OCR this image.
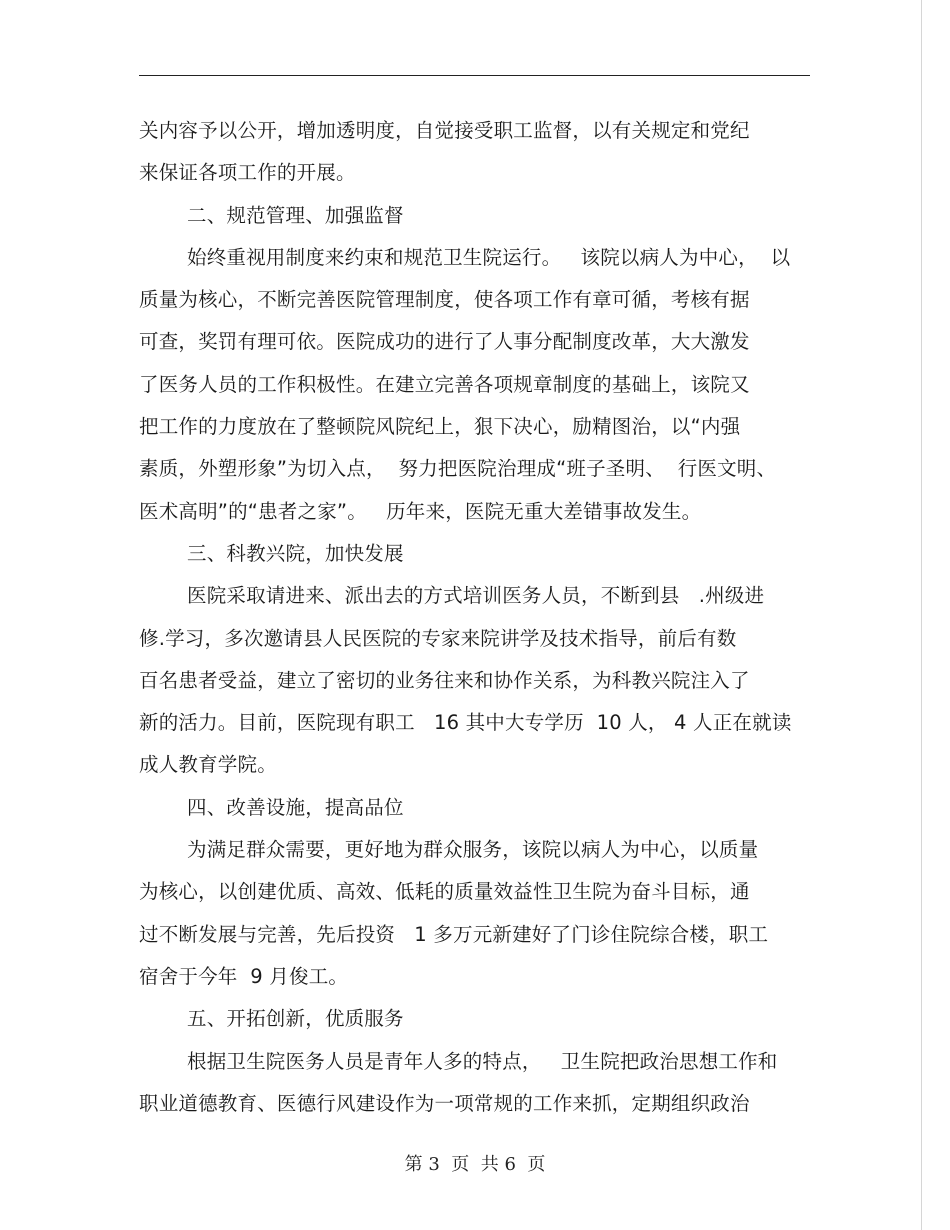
关内容予以公开，增加透明度，自觉接受职工监督，以有关规定和党纪
来保证各项工作的开展。
二、规范管理、加强监督
始终重视用制度来约束和规范卫生院运行。   该院以病人为中心，  以
质量为核心，不断完善医院管理制度，使各项工作有章可循，考核有据
可查，奖罚有理可依。医院成功的进行了人事分配制度改革，大大激发
了医务人员的工作积极性。在建立完善各项规章制度的基础上，该院又
把工作的力度放在了整顿院风院纪上，狠下决心，励精图治，以“内强
素质，外塑形象”为切入点，  努力把医院治理成“班子圣明、  行医文明、
医术高明”的“患者之家”。   历年来，医院无重大差错事故发生。
三、科教兴院，加快发展
医院采取请进来、派出去的方式培训医务人员，不断到县   .州级进
修.学习，多次邀请县人民医院的专家来院讲学及技术指导，前后有数
百名患者受益，建立了密切的业务往来和协作关系，为科教兴院注入了
新的活力。目前，医院现有职工   16 其中大专学历  10 人， 4 人正在就读
成人教育学院。
四、改善设施，提高品位
为满足群众需要，更好地为群众服务，该院以病人为中心，以质量
为核心，以创建优质、高效、低耗的质量效益性卫生院为奋斗目标，通
过不断发展与完善，先后投资   1 多万元新建好了门诊住院综合楼，职工
宿舍于今年  9 月俊工。
五、开拓创新，优质服务
根据卫生院医务人员是青年人多的特点，   卫生院把政治思想工作和
职业道德教育、医德行风建设作为一项常规的工作来抓，定期组织政治
第 3  页  共 6  页
